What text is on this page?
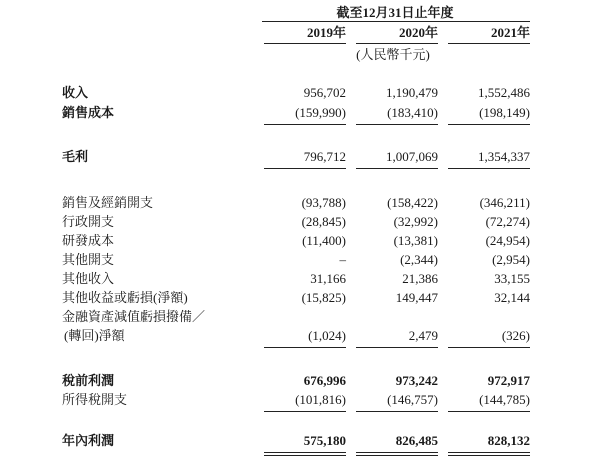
截至12月31日止年度
2019年	2020年	2021年
(人民幣千元)
收入	956,702	1,190,479	1,552,486
銷售成本	(159,990)	(183,410)	(198,149)
毛利	796,712	1,007,069	1,354,337
銷售及經銷開支	(93,788)	(158,422)	(346,211)
行政開支	(28,845)	(32,992)	(72,274)
研發成本	(11,400)	(13,381)	(24,954)
其他開支	–	(2,344)	(2,954)
其他收入	31,166	21,386	33,155
其他收益或虧損(淨額)	(15,825)	149,447	32,144
金融資產減值虧損撥備／
(轉回)淨額	(1,024)	2,479	(326)
稅前利潤	676,996	973,242	972,917
所得稅開支	(101,816)	(146,757)	(144,785)
年內利潤	575,180	826,485	828,132
